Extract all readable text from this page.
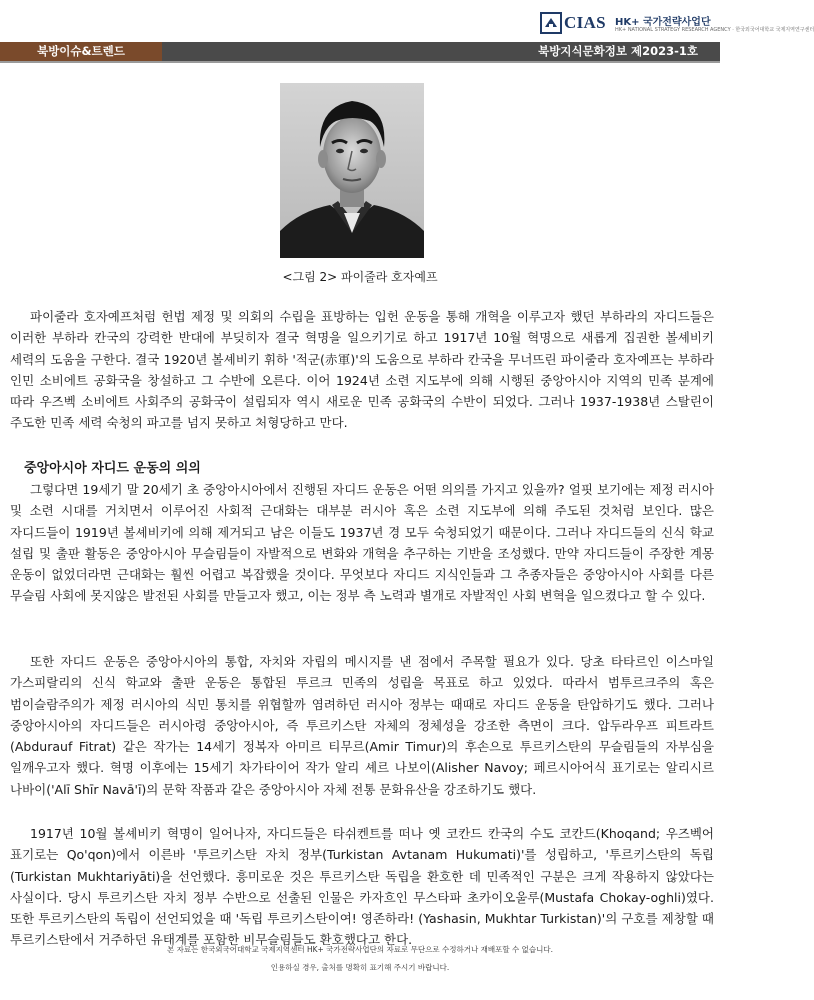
CIAS HK+ 국가전략사업단
HK+ NATIONAL STRATEGY RESEARCH AGENCY · 한국외국어대학교 국제지역연구센터
북방이슈&트렌드	북방지식문화정보 제2023-1호
<그림 2> 파이줄라 호자예프

파이줄라 호자예프처럼 헌법 제정 및 의회의 수립을 표방하는 입헌 운동을 통해 개혁을 이루고자 했던 부하라의 자디드들은 이러한 부하라 칸국의 강력한 반대에 부딪히자 결국 혁명을 일으키기로 하고 1917년 10월 혁명으로 새롭게 집권한 볼셰비키 세력의 도움을 구한다. 결국 1920년 볼셰비키 휘하 '적군(赤軍)'의 도움으로 부하라 칸국을 무너뜨린 파이줄라 호자예프는 부하라 인민 소비에트 공화국을 창설하고 그 수반에 오른다. 이어 1924년 소련 지도부에 의해 시행된 중앙아시아 지역의 민족 분계에 따라 우즈벡 소비에트 사회주의 공화국이 설립되자 역시 새로운 민족 공화국의 수반이 되었다. 그러나 1937-1938년 스탈린이 주도한 민족 세력 숙청의 파고를 넘지 못하고 처형당하고 만다.

중앙아시아 자디드 운동의 의의

그렇다면 19세기 말 20세기 초 중앙아시아에서 진행된 자디드 운동은 어떤 의의를 가지고 있을까? 얼핏 보기에는 제정 러시아 및 소련 시대를 거치면서 이루어진 사회적 근대화는 대부분 러시아 혹은 소련 지도부에 의해 주도된 것처럼 보인다. 많은 자디드들이 1919년 볼셰비키에 의해 제거되고 남은 이들도 1937년 경 모두 숙청되었기 때문이다. 그러나 자디드들의 신식 학교 설립 및 출판 활동은 중앙아시아 무슬림들이 자발적으로 변화와 개혁을 추구하는 기반을 조성했다. 만약 자디드들이 주장한 계몽 운동이 없었더라면 근대화는 훨씬 어렵고 복잡했을 것이다. 무엇보다 자디드 지식인들과 그 추종자들은 중앙아시아 사회를 다른 무슬림 사회에 못지않은 발전된 사회를 만들고자 했고, 이는 정부 측 노력과 별개로 자발적인 사회 변혁을 일으켰다고 할 수 있다.

또한 자디드 운동은 중앙아시아의 통합, 자치와 자립의 메시지를 낸 점에서 주목할 필요가 있다. 당초 타타르인 이스마일 가스피랄리의 신식 학교와 출판 운동은 통합된 투르크 민족의 성립을 목표로 하고 있었다. 따라서 범투르크주의 혹은 범이슬람주의가 제정 러시아의 식민 통치를 위협할까 염려하던 러시아 정부는 때때로 자디드 운동을 탄압하기도 했다. 그러나 중앙아시아의 자디드들은 러시아령 중앙아시아, 즉 투르키스탄 자체의 정체성을 강조한 측면이 크다. 압두라우프 피트라트(Abdurauf Fitrat) 같은 작가는 14세기 정복자 아미르 티무르(Amir Timur)의 후손으로 투르키스탄의 무슬림들의 자부심을 일깨우고자 했다. 혁명 이후에는 15세기 차가타이어 작가 알리 셰르 나보이(Alisher Navoy; 페르시아어식 표기로는 알리시르 나바이('Alī Shīr Navā'ī)의 문학 작품과 같은 중앙아시아 자체 전통 문화유산을 강조하기도 했다.

1917년 10월 볼셰비키 혁명이 일어나자, 자디드들은 타쉬켄트를 떠나 옛 코칸드 칸국의 수도 코칸드(Khoqand; 우즈벡어 표기로는 Qo'qon)에서 이른바 '투르키스탄 자치 정부(Turkistan Avtanam Hukumati)'를 성립하고, '투르키스탄의 독립(Turkistan Mukhtariyāti)을 선언했다. 흥미로운 것은 투르키스탄 독립을 환호한 데 민족적인 구분은 크게 작용하지 않았다는 사실이다. 당시 투르키스탄 자치 정부 수반으로 선출된 인물은 카자흐인 무스타파 초카이오울루(Mustafa Chokay-oghli)였다. 또한 투르키스탄의 독립이 선언되었을 때 '독립 투르키스탄이여! 영존하라! (Yashasin, Mukhtar Turkistan)'의 구호를 제창할 때 투르키스탄에서 거주하던 유태계를 포함한 비무슬림들도 환호했다고 한다.

본 자료는 한국외국어대학교 국제지역센터 HK+ 국가전략사업단의 자료로 무단으로 수정하거나 재배포할 수 없습니다.
인용하실 경우, 출처를 명확히 표기해 주시기 바랍니다.
